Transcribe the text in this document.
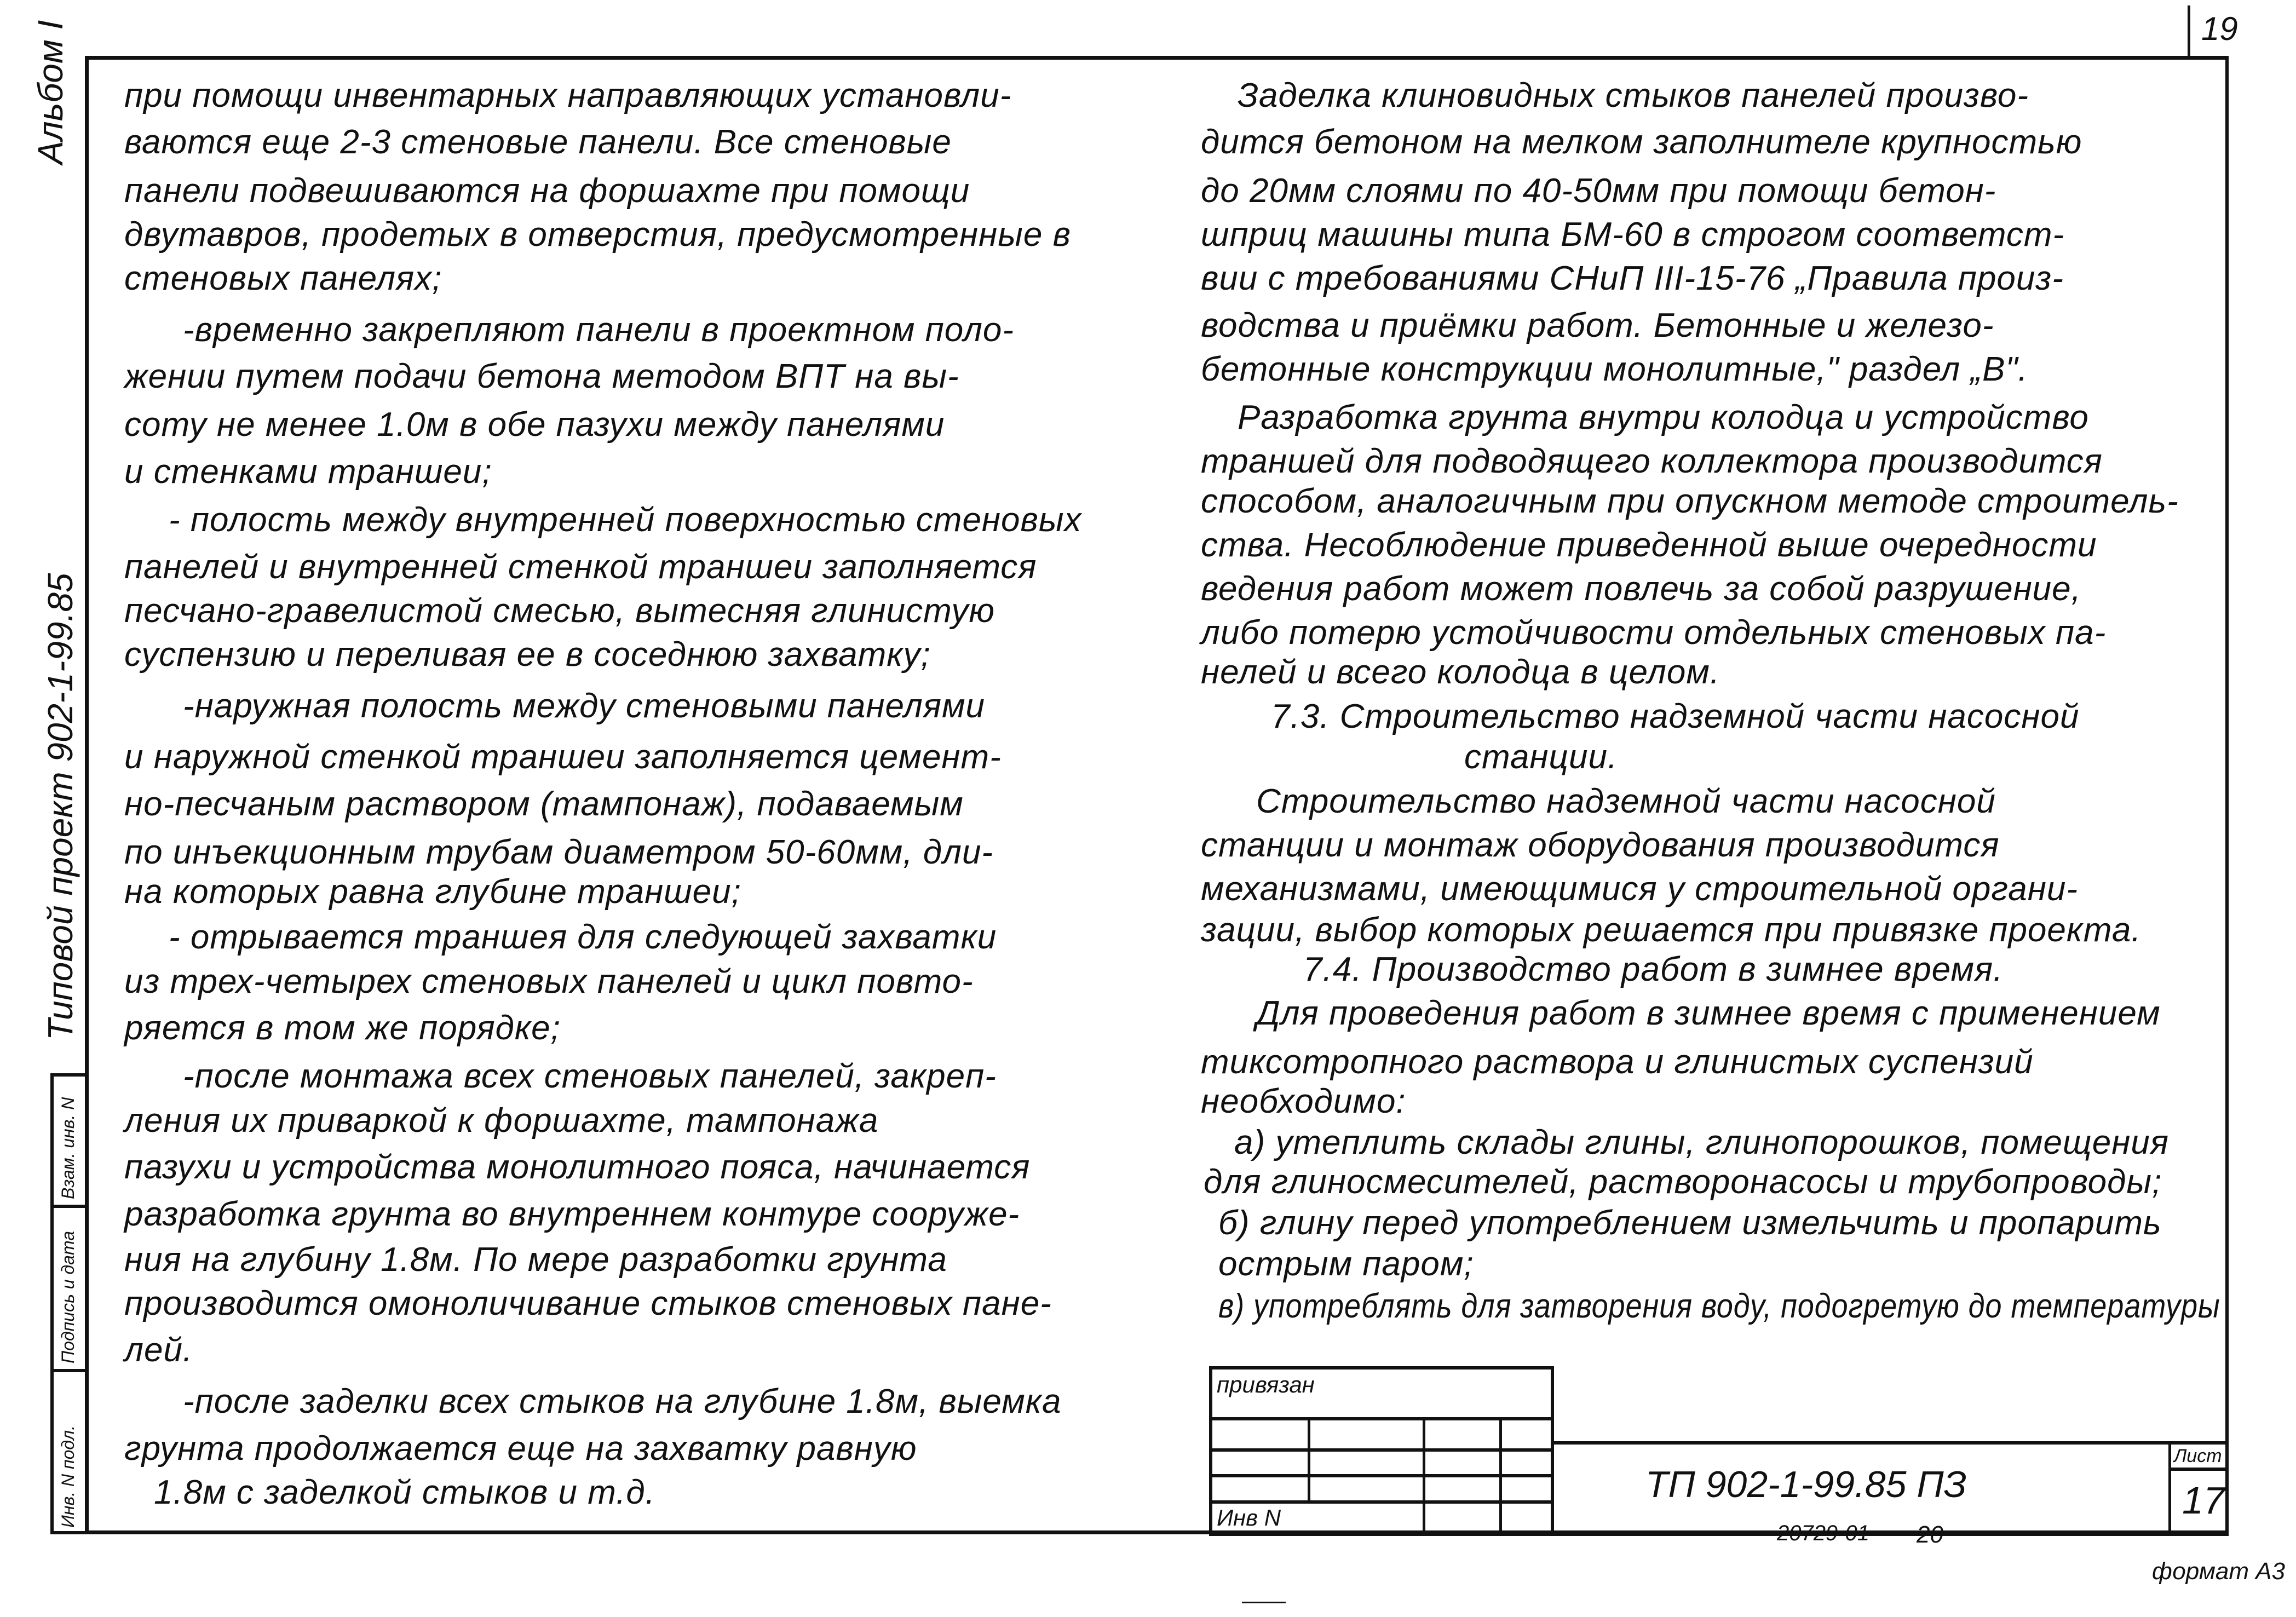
19
Альбом I
Типовой проект 902-1-99.85
Взам. инв. N
Подпись и дата
Инв. N подл.
при помощи инвентарных направляющих установли-
ваются еще 2-3 стеновые панели. Все стеновые
панели подвешиваются на форшахте при помощи
двутавров, продетых в отверстия, предусмотренные в
стеновых панелях;
-временно закрепляют панели в проектном поло-
жении путем подачи бетона методом ВПТ на вы-
соту не менее 1.0м в обе пазухи между панелями
и стенками траншеи;
- полость между внутренней поверхностью стеновых
панелей и внутренней стенкой траншеи заполняется
песчано-гравелистой смесью, вытесняя глинистую
суспензию и переливая ее в соседнюю захватку;
-наружная полость между стеновыми панелями
и наружной стенкой траншеи заполняется цемент-
но-песчаным раствором (тампонаж), подаваемым
по инъекционным трубам диаметром 50-60мм, дли-
на которых равна глубине траншеи;
- отрывается траншея для следующей захватки
из трех-четырех стеновых панелей и цикл повто-
ряется в том же порядке;
-после монтажа всех стеновых панелей, закреп-
ления их приваркой к форшахте, тампонажа
пазухи и устройства монолитного пояса, начинается
разработка грунта во внутреннем контуре сооруже-
ния на глубину 1.8м. По мере разработки грунта
производится омоноличивание стыков стеновых пане-
лей.
-после заделки всех стыков на глубине 1.8м, выемка
грунта продолжается еще на захватку равную
1.8м с заделкой стыков и т.д.
Заделка клиновидных стыков панелей произво-
дится бетоном на мелком заполнителе крупностью
до 20мм слоями по 40-50мм при помощи бетон-
шприц машины типа БМ-60 в строгом соответст-
вии с требованиями СНиП III-15-76 „Правила произ-
водства и приёмки работ. Бетонные и железо-
бетонные конструкции монолитные," раздел „В".
Разработка грунта внутри колодца и устройство
траншей для подводящего коллектора производится
способом, аналогичным при опускном методе строитель-
ства. Несоблюдение приведенной выше очередности
ведения работ может повлечь за собой разрушение,
либо потерю устойчивости отдельных стеновых па-
нелей и всего колодца в целом.
7.3. Строительство надземной части насосной
станции.
Строительство надземной части насосной
станции и монтаж оборудования производится
механизмами, имеющимися у строительной органи-
зации, выбор которых решается при привязке проекта.
7.4. Производство работ в зимнее время.
Для проведения работ в зимнее время с применением
тиксотропного раствора и глинистых суспензий
необходимо:
а) утеплить склады глины, глинопорошков, помещения
для глиносмесителей, растворонасосы и трубопроводы;
б) глину перед употреблением измельчить и пропарить
острым паром;
в) употреблять для затворения воду, подогретую до температуры
привязан
Инв N
ТП 902-1-99.85 ПЗ
Лист
17
20729-01 20
формат А3
